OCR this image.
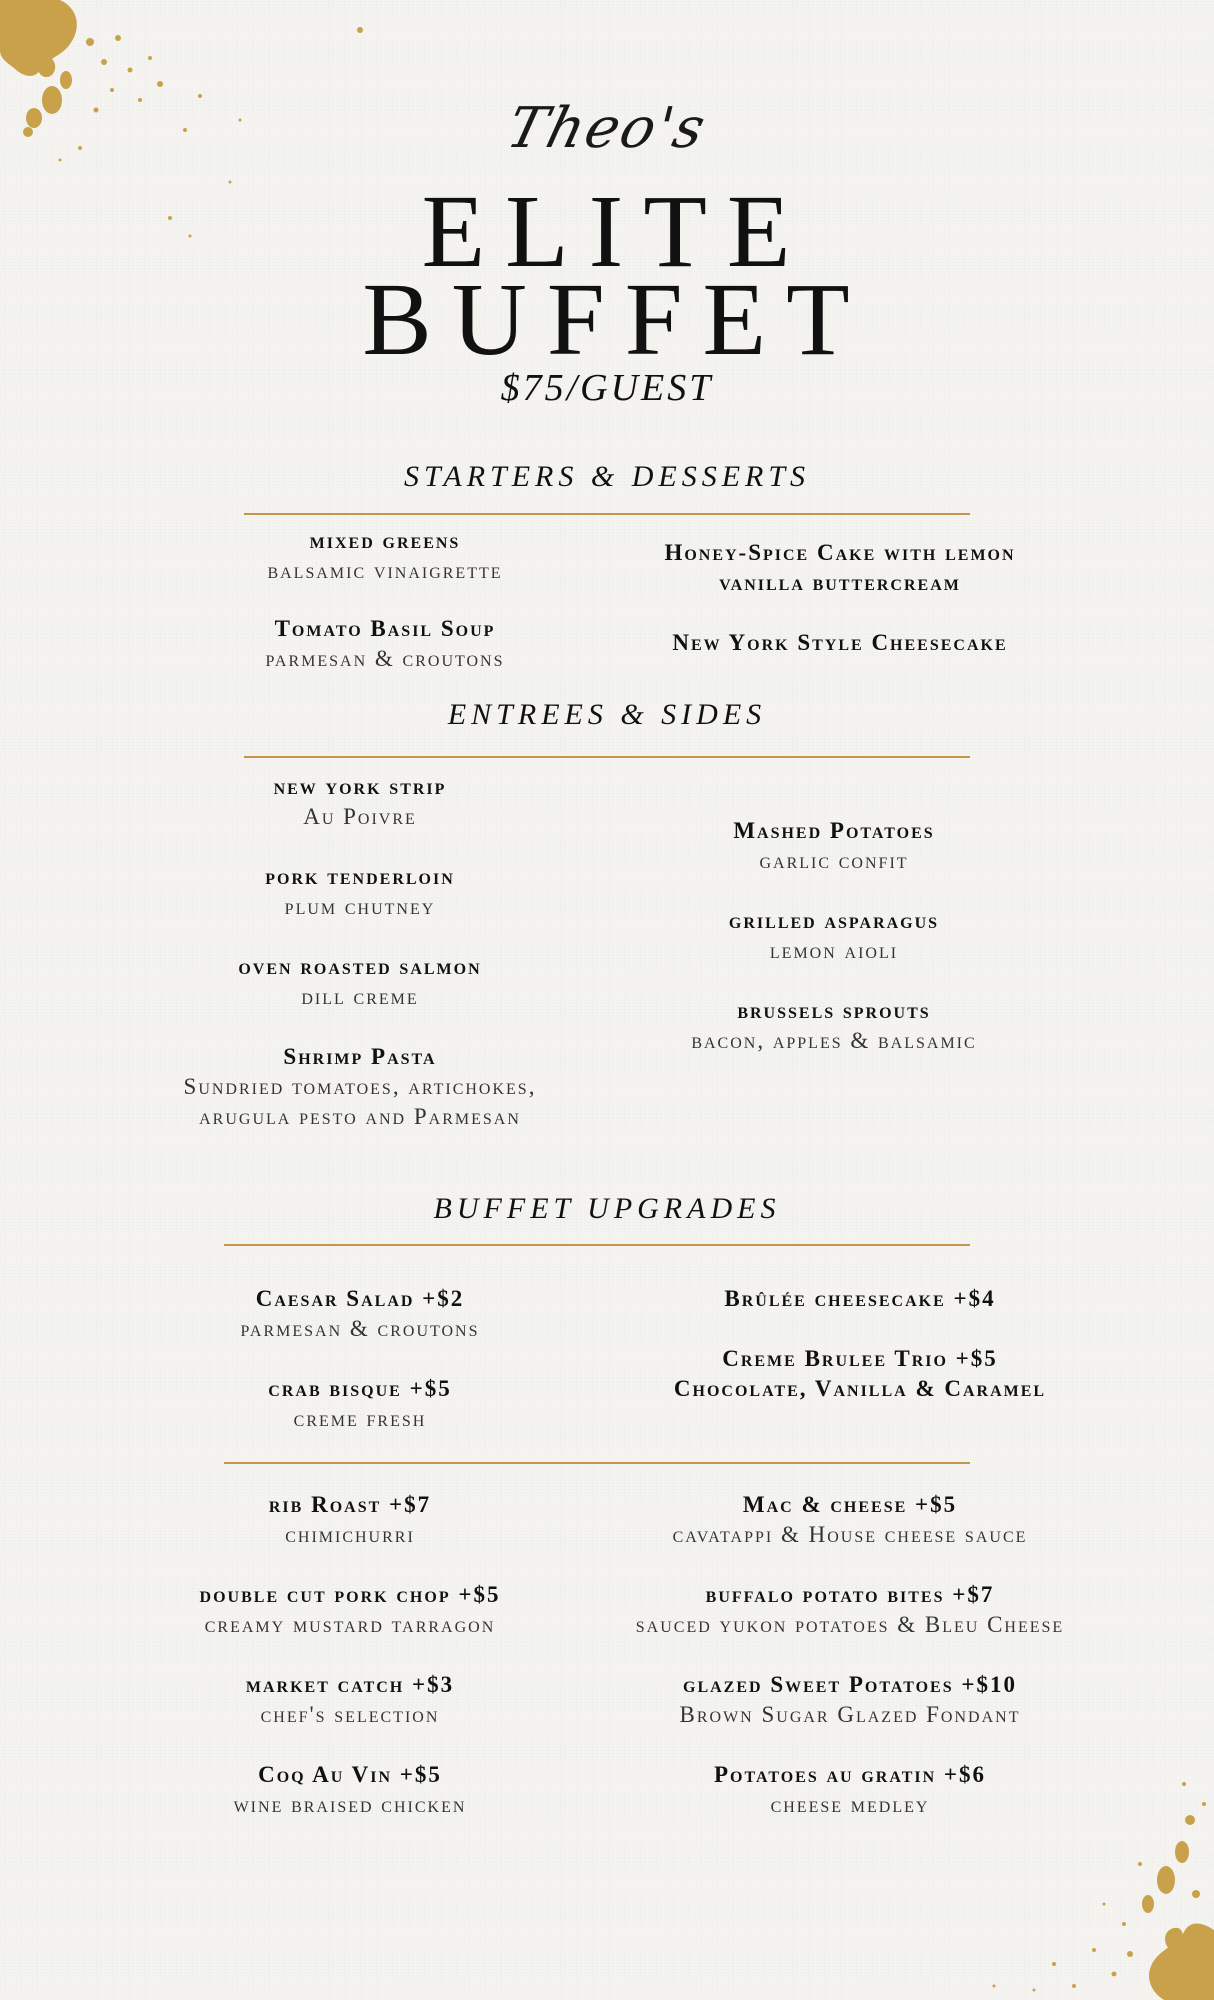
Theo's
ELITE
BUFFET
$75/GUEST
STARTERS & DESSERTS
mixed greens
balsamic vinaigrette
Tomato Basil Soup
parmesan & croutons
Honey-Spice Cake with lemon
vanilla buttercream
New York Style Cheesecake
ENTREES & SIDES
new york strip
Au Poivre
pork tenderloin
plum chutney
oven roasted salmon
dill creme
Shrimp Pasta
Sundried tomatoes, artichokes,
arugula pesto and Parmesan
Mashed Potatoes
garlic confit
grilled asparagus
lemon aioli
brussels sprouts
bacon, apples & balsamic
BUFFET UPGRADES
Caesar Salad +$2
parmesan & croutons
crab bisque +$5
creme fresh
Brûlée cheesecake +$4
Creme Brulee Trio +$5
Chocolate, Vanilla & Caramel
rib Roast +$7
chimichurri
double cut pork chop +$5
creamy mustard tarragon
market catch +$3
chef's selection
Coq Au Vin +$5
wine braised chicken
Mac & cheese +$5
cavatappi & House cheese sauce
buffalo potato bites +$7
sauced yukon potatoes & Bleu Cheese
glazed Sweet Potatoes +$10
Brown Sugar Glazed Fondant
Potatoes au gratin +$6
cheese medley
